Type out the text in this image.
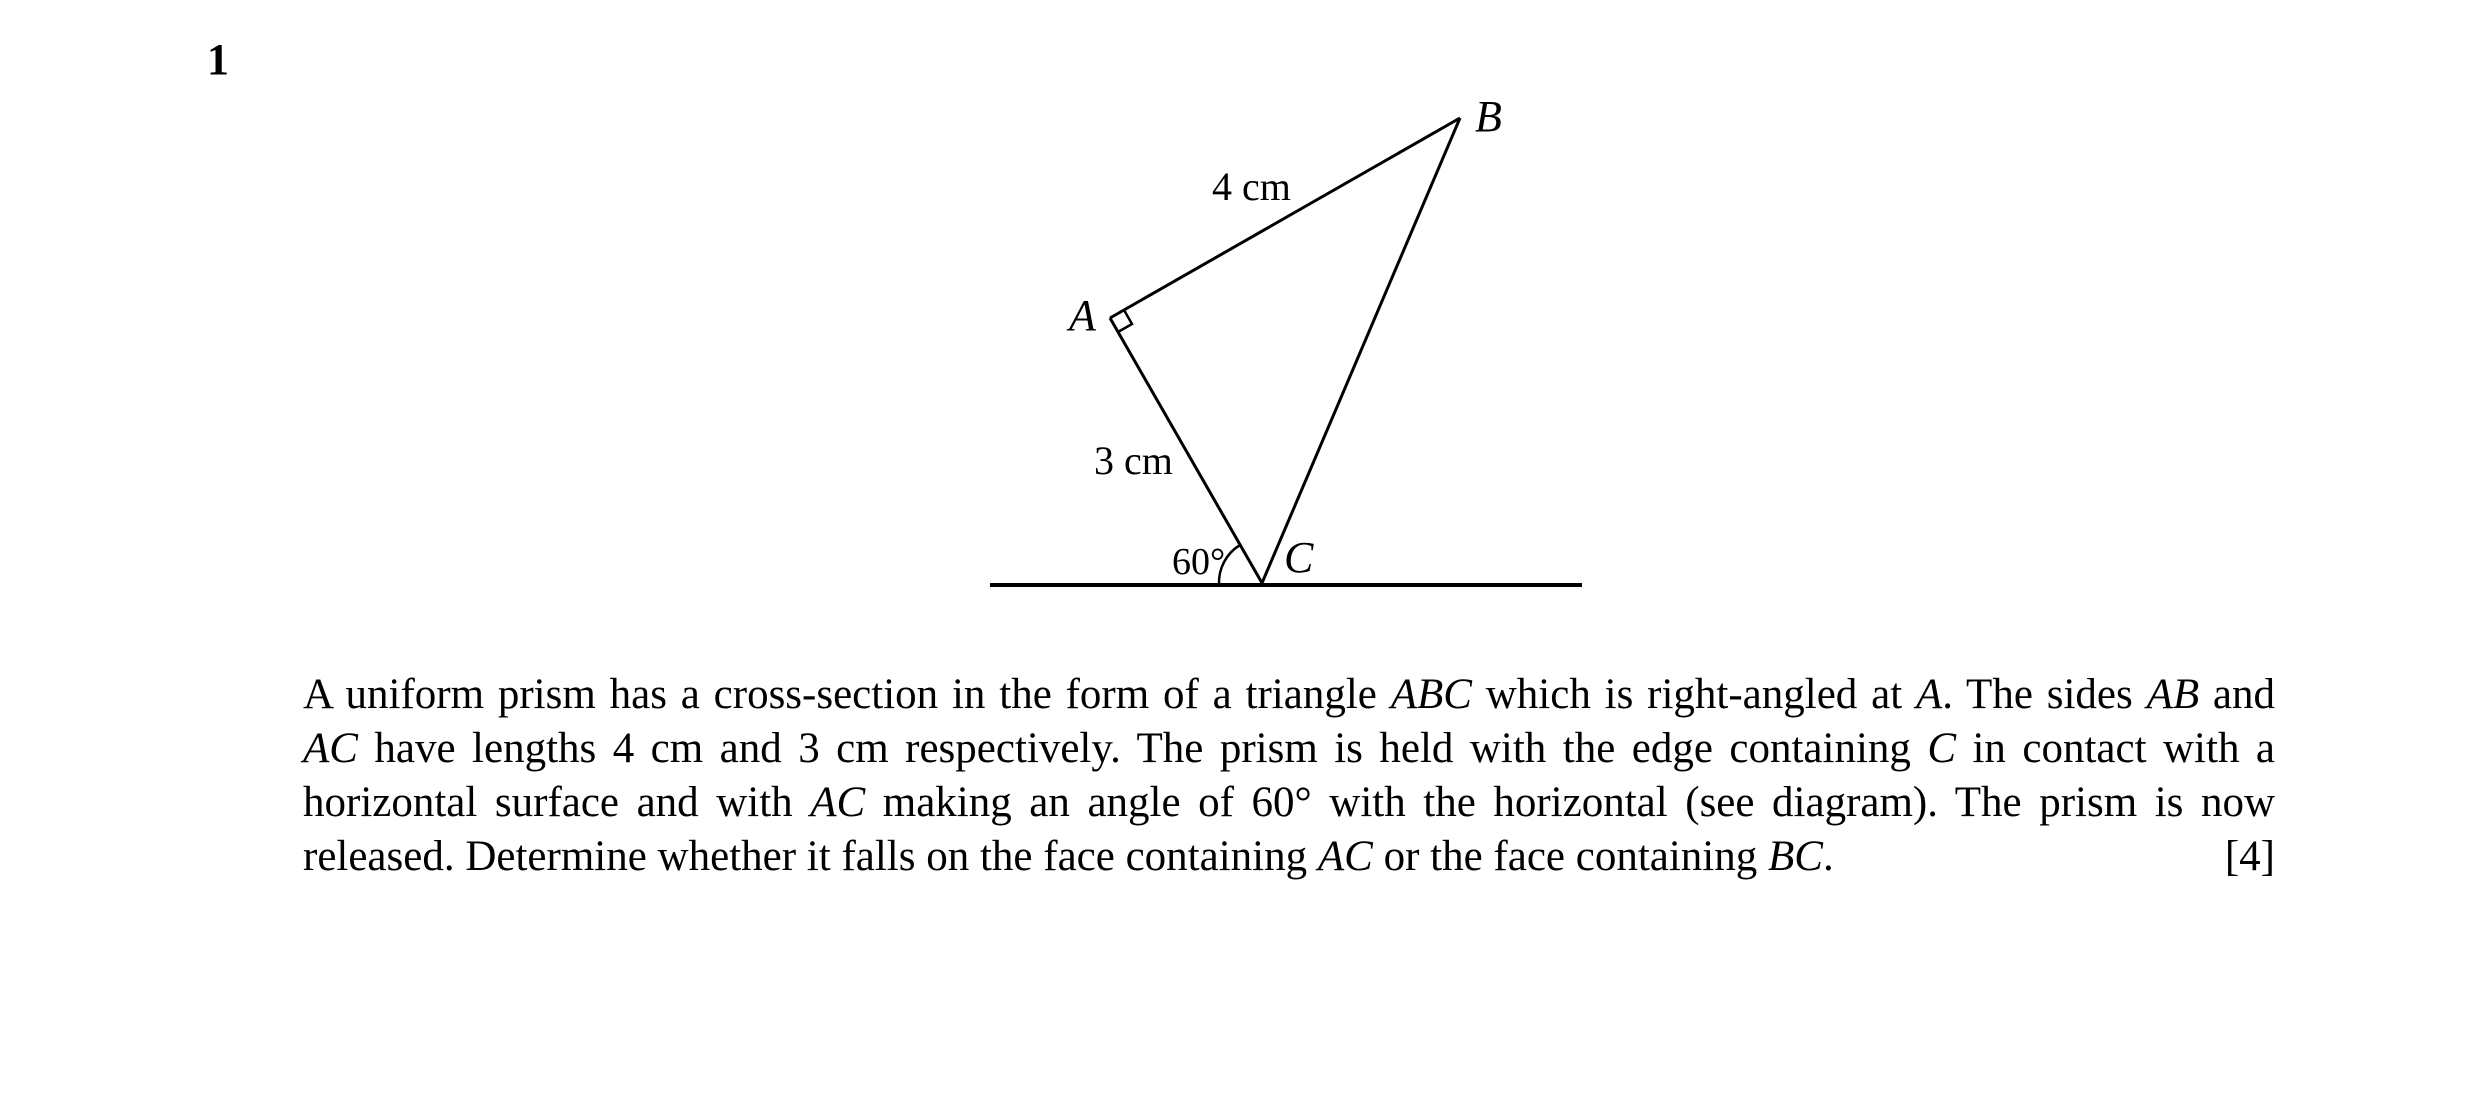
1
B
A
C
4 cm
3 cm
60°

A uniform prism has a cross-section in the form of a triangle ABC which is right-angled at A. The sides AB and AC have lengths 4 cm and 3 cm respectively. The prism is held with the edge containing C in contact with a horizontal surface and with AC making an angle of 60° with the horizontal (see diagram). The prism is now released. Determine whether it falls on the face containing AC or the face containing BC.	[4]
